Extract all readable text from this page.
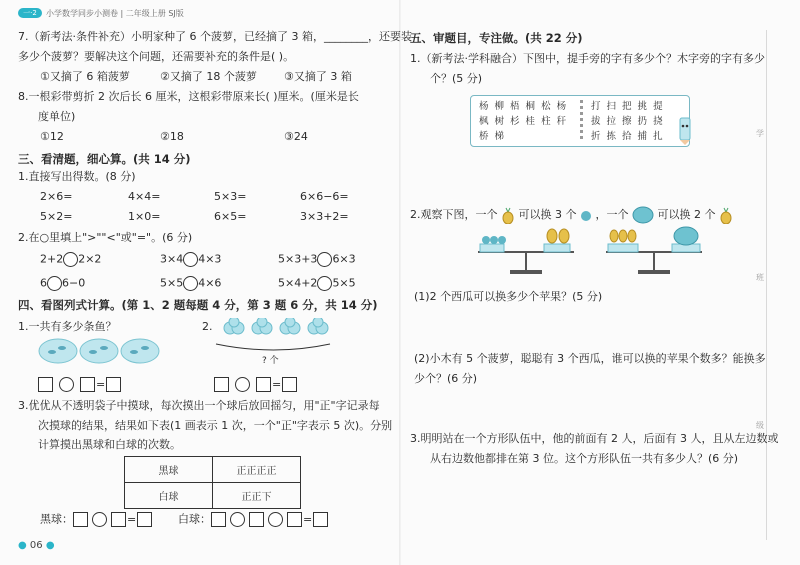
学
班
级
一·2	小学数学同步小测卷 | 二年级上册 SJ版
7.（新考法·条件补充）小明家种了 6 个菠萝，已经摘了 3 箱，________，还要装
多少个菠萝？要解决这个问题，还需要补充的条件是( )。
①又摘了 6 箱菠萝	②又摘了 18 个菠萝 ③又摘了 3 箱
8.一根彩带剪折 2 次后长 6 厘米，这根彩带原来长( )厘米。(厘米是长
度单位)
①12	②18	③24
三、看清题，细心算。(共 14 分)
1.直接写出得数。(8 分)
2×6=	4×4=	5×3=	6×6−6=
5×2=	1×0=	6×5=	3×3+2=
2.在○里填上">""<"或"="。(6 分)
2+2 2×2	3×4 4×3	5×3+3 6×3
6 6−0	5×5 4×6	5×4+2 5×5
四、看图列式计算。(第 1、2 题每题 4 分，第 3 题 6 分，共 14 分)
1.一共有多少条鱼？	2.
? 个
=	=
3.优优从不透明袋子中摸球，每次摸出一个球后放回摇匀，用"正"字记录每
次摸球的结果，结果如下表(1 画表示 1 次，一个"正"字表示 5 次)。分别
计算摸出黑球和白球的次数。
黑球	正正正正
白球	正正下
黑球：	=	白球：	=
● 06 ●
五、审题目，专注做。(共 22 分)
1.（新考法·学科融合）下图中，提手旁的字有多少个？木字旁的字有多少
个？(5 分)
杨 柳 梧 桐 松 杨
枫 树 杉 桂 柱 秆
桥 梯
打 扫 把 挑 提
拔 拉 擦 扔 挠
折 拣 拾 捕 扎
2.观察下图，一个 可以换 3 个 ，一个	可以换 2 个
(1)2 个西瓜可以换多少个苹果？(5 分)
(2)小木有 5 个菠萝，聪聪有 3 个西瓜，谁可以换的苹果个数多？能换多
少个？(6 分)
3.明明站在一个方形队伍中，他的前面有 2 人，后面有 3 人，且从左边数或
从右边数他都排在第 3 位。这个方形队伍一共有多少人？(6 分)
